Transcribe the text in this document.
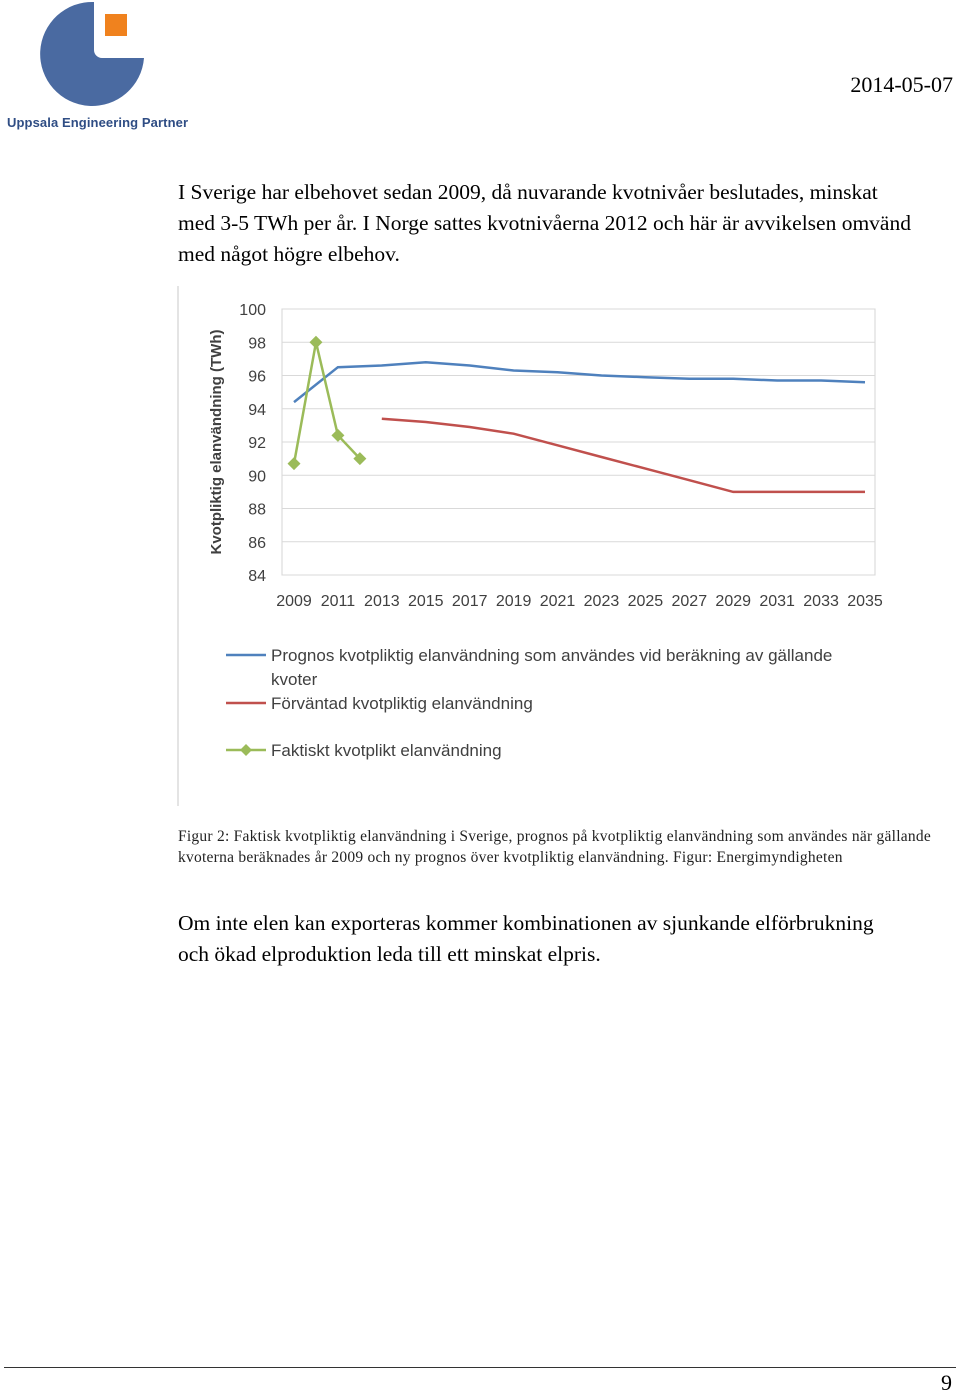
Uppsala Engineering Partner
2014-05-07

I Sverige har elbehovet sedan 2009, då nuvarande kvotnivåer beslutades, minskat med 3-5 TWh per år. I Norge sattes kvotnivåerna 2012 och här är avvikelsen omvänd med något högre elbehov.

100
98
96
94
92
90
88
86
84
2009 2011 2013 2015 2017 2019 2021 2023 2025 2027 2029 2031 2033 2035
Kvotpliktig elanvändning (TWh)
Prognos kvotpliktig elanvändning som användes vid beräkning av gällande kvoter
Förväntad kvotpliktig elanvändning
Faktiskt kvotplikt elanvändning

Figur 2: Faktisk kvotpliktig elanvändning i Sverige, prognos på kvotpliktig elanvändning som användes när gällande kvoterna beräknades år 2009 och ny prognos över kvotpliktig elanvändning. Figur: Energimyndigheten

Om inte elen kan exporteras kommer kombinationen av sjunkande elförbrukning och ökad elproduktion leda till ett minskat elpris.

9
